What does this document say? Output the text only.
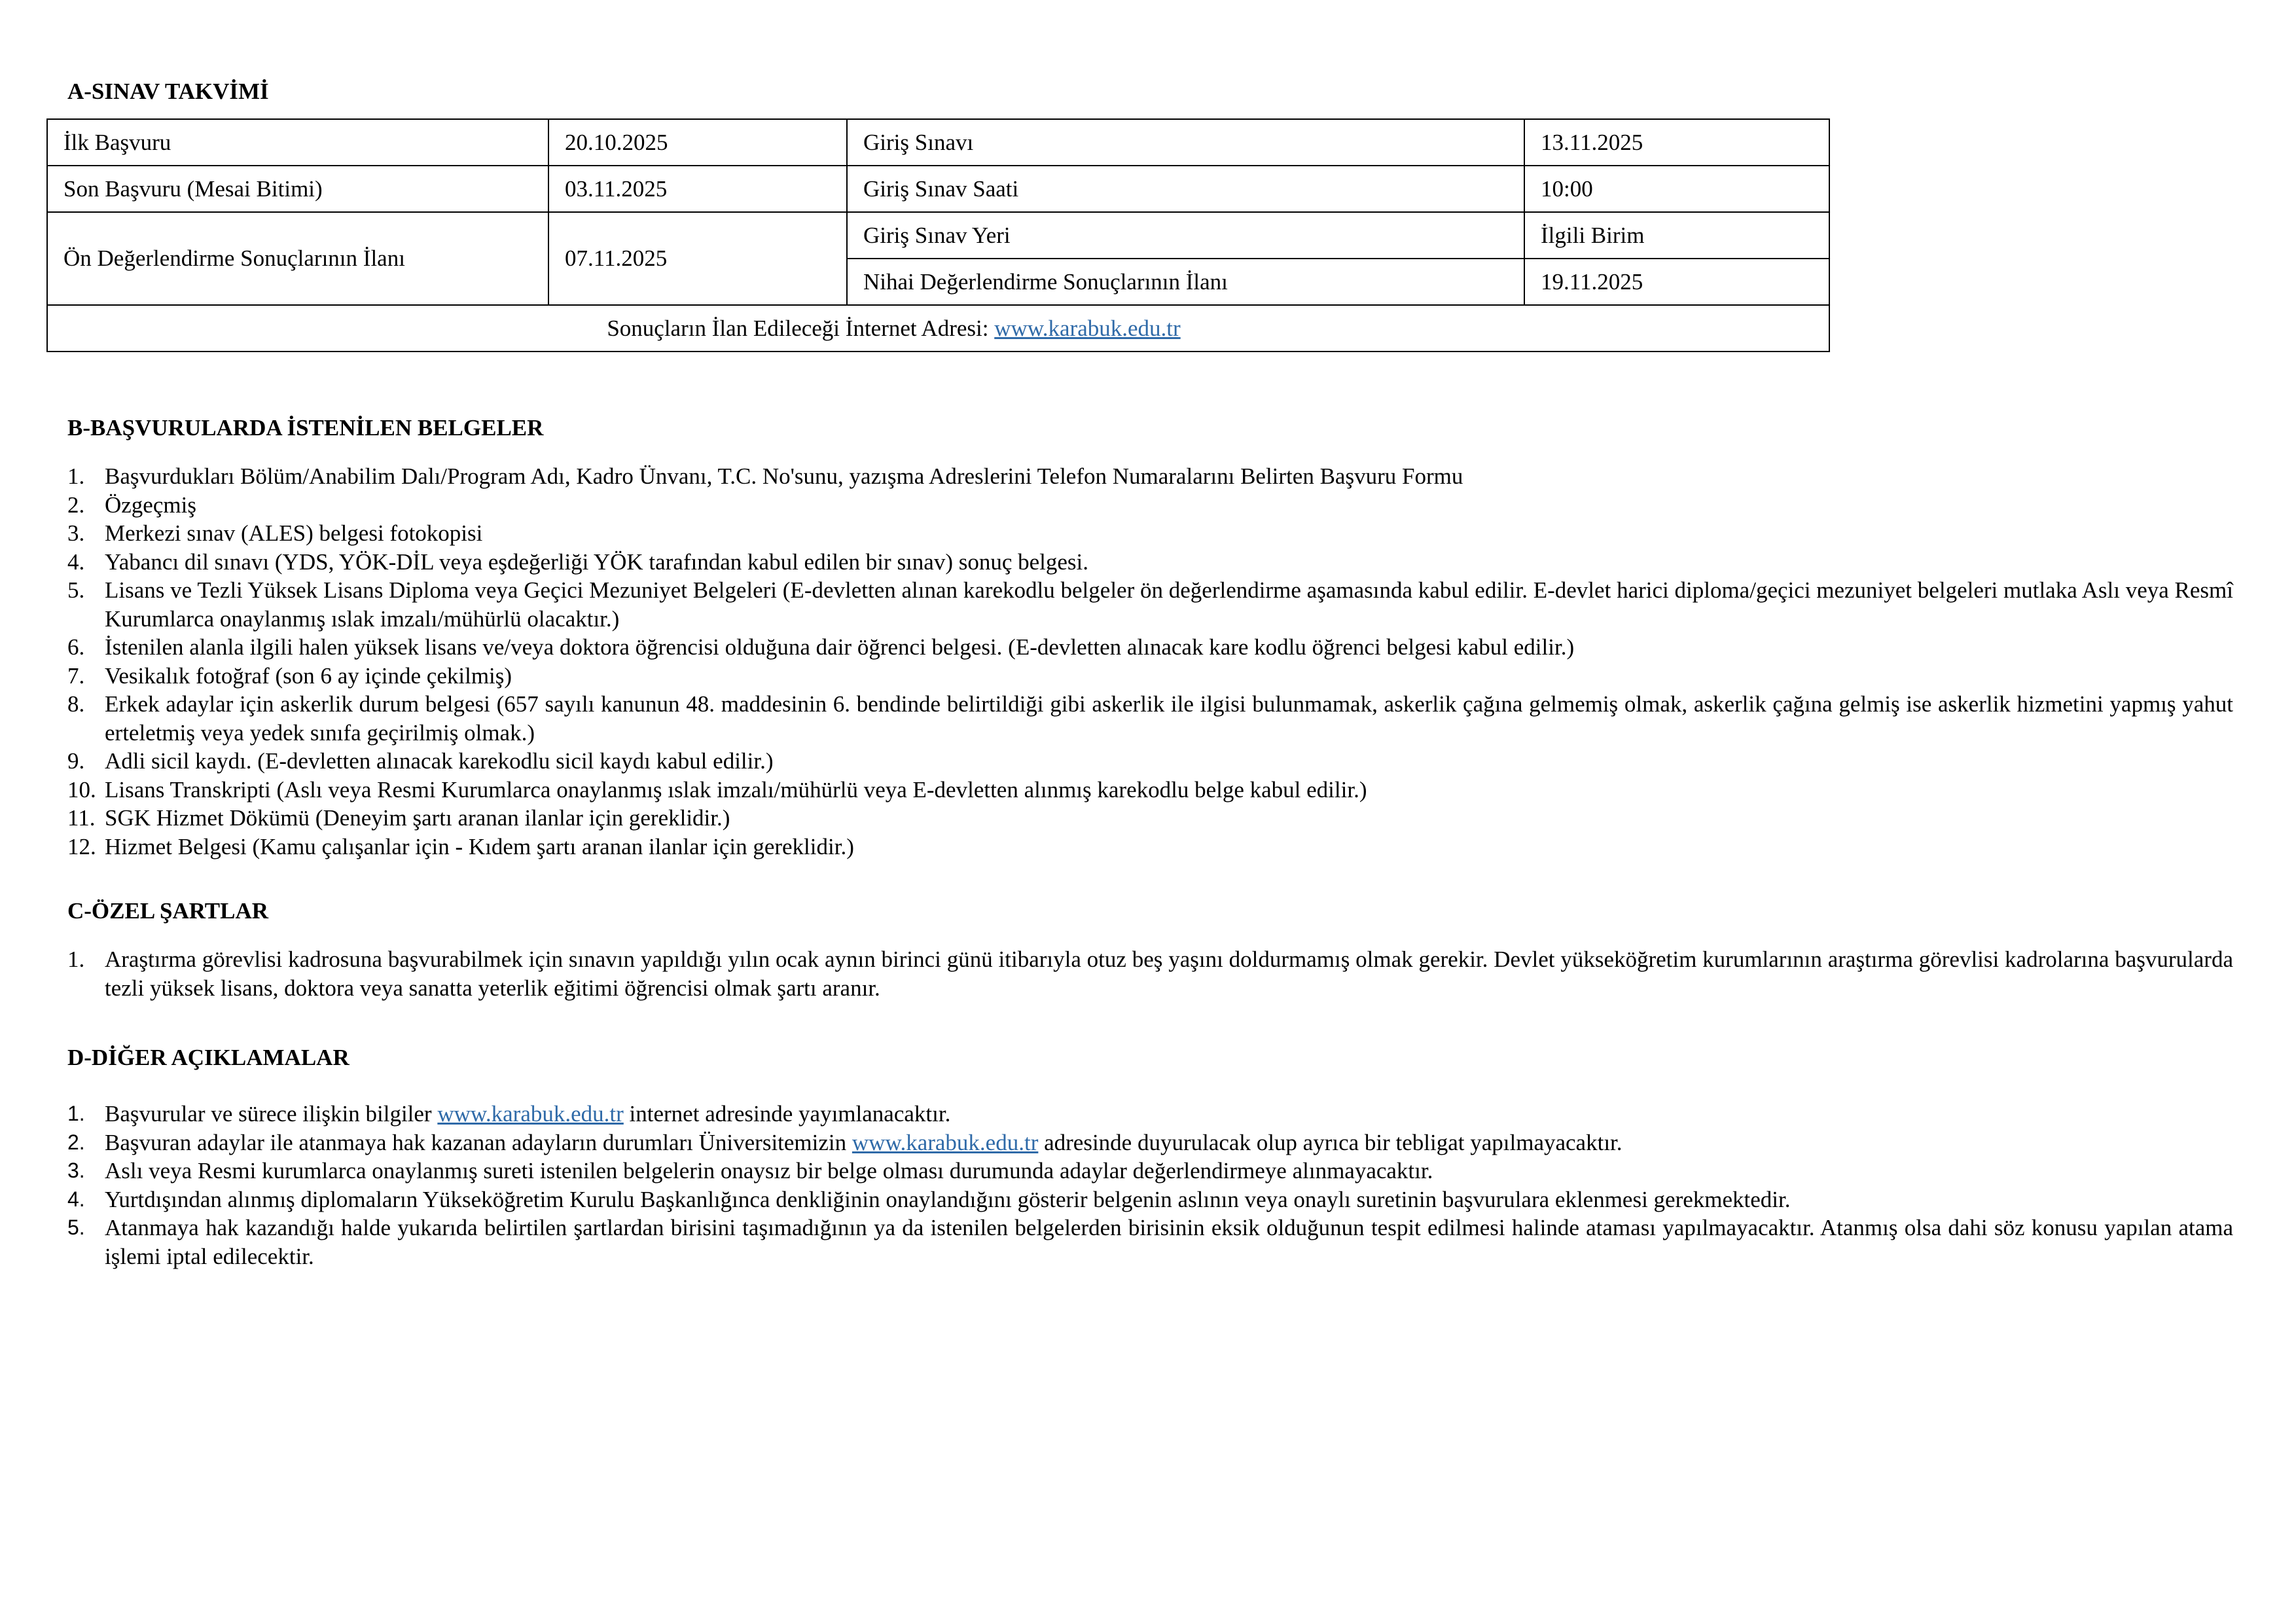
A-SINAV TAKVİMİ
İlk Başvuru	20.10.2025	Giriş Sınavı	13.11.2025
Son Başvuru (Mesai Bitimi)	03.11.2025	Giriş Sınav Saati	10:00
Ön Değerlendirme Sonuçlarının İlanı	07.11.2025	Giriş Sınav Yeri	İlgili Birim
		Nihai Değerlendirme Sonuçlarının İlanı	19.11.2025
Sonuçların İlan Edileceği İnternet Adresi: www.karabuk.edu.tr			
B-BAŞVURULARDA İSTENİLEN BELGELER
1. Başvurdukları Bölüm/Anabilim Dalı/Program Adı, Kadro Ünvanı, T.C. No'sunu, yazışma Adreslerini Telefon Numaralarını Belirten Başvuru Formu
2. Özgeçmiş
3. Merkezi sınav (ALES) belgesi fotokopisi
4. Yabancı dil sınavı (YDS, YÖK-DİL veya eşdeğerliği YÖK tarafından kabul edilen bir sınav) sonuç belgesi.
5. Lisans ve Tezli Yüksek Lisans Diploma veya Geçici Mezuniyet Belgeleri (E-devletten alınan karekodlu belgeler ön değerlendirme aşamasında kabul edilir. E-devlet harici diploma/geçici mezuniyet belgeleri mutlaka Aslı veya Resmî Kurumlarca onaylanmış ıslak imzalı/mühürlü olacaktır.)
6. İstenilen alanla ilgili halen yüksek lisans ve/veya doktora öğrencisi olduğuna dair öğrenci belgesi. (E-devletten alınacak kare kodlu öğrenci belgesi kabul edilir.)
7. Vesikalık fotoğraf (son 6 ay içinde çekilmiş)
8. Erkek adaylar için askerlik durum belgesi (657 sayılı kanunun 48. maddesinin 6. bendinde belirtildiği gibi askerlik ile ilgisi bulunmamak, askerlik çağına gelmemiş olmak, askerlik çağına gelmiş ise askerlik hizmetini yapmış yahut erteletmiş veya yedek sınıfa geçirilmiş olmak.)
9. Adli sicil kaydı. (E-devletten alınacak karekodlu sicil kaydı kabul edilir.)
10. Lisans Transkripti (Aslı veya Resmi Kurumlarca onaylanmış ıslak imzalı/mühürlü veya E-devletten alınmış karekodlu belge kabul edilir.)
11. SGK Hizmet Dökümü (Deneyim şartı aranan ilanlar için gereklidir.)
12. Hizmet Belgesi (Kamu çalışanlar için - Kıdem şartı aranan ilanlar için gereklidir.)
C-ÖZEL ŞARTLAR
1. Araştırma görevlisi kadrosuna başvurabilmek için sınavın yapıldığı yılın ocak aynın birinci günü itibarıyla otuz beş yaşını doldurmamış olmak gerekir. Devlet yükseköğretim kurumlarının araştırma görevlisi kadrolarına başvurularda tezli yüksek lisans, doktora veya sanatta yeterlik eğitimi öğrencisi olmak şartı aranır.
D-DİĞER AÇIKLAMALAR
1. Başvurular ve sürece ilişkin bilgiler www.karabuk.edu.tr internet adresinde yayımlanacaktır.
2. Başvuran adaylar ile atanmaya hak kazanan adayların durumları Üniversitemizin www.karabuk.edu.tr adresinde duyurulacak olup ayrıca bir tebligat yapılmayacaktır.
3. Aslı veya Resmi kurumlarca onaylanmış sureti istenilen belgelerin onaysız bir belge olması durumunda adaylar değerlendirmeye alınmayacaktır.
4. Yurtdışından alınmış diplomaların Yükseköğretim Kurulu Başkanlığınca denkliğinin onaylandığını gösterir belgenin aslının veya onaylı suretinin başvurulara eklenmesi gerekmektedir.
5. Atanmaya hak kazandığı halde yukarıda belirtilen şartlardan birisini taşımadığının ya da istenilen belgelerden birisinin eksik olduğunun tespit edilmesi halinde ataması yapılmayacaktır. Atanmış olsa dahi söz konusu yapılan atama işlemi iptal edilecektir.
